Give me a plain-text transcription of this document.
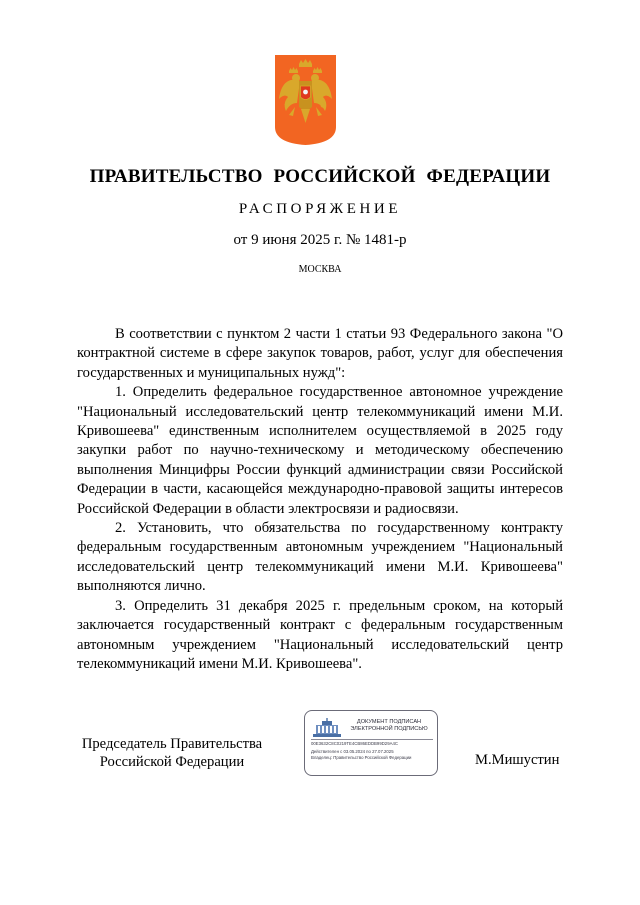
ПРАВИТЕЛЬСТВО РОССИЙСКОЙ ФЕДЕРАЦИИ
РАСПОРЯЖЕНИЕ
от 9 июня 2025 г. № 1481-р
МОСКВА

В соответствии с пунктом 2 части 1 статьи 93 Федерального закона "О контрактной системе в сфере закупок товаров, работ, услуг для обеспечения государственных и муниципальных нужд":

1. Определить федеральное государственное автономное учреждение "Национальный исследовательский центр телекоммуникаций имени М.И. Кривошеева" единственным исполнителем осуществляемой в 2025 году закупки работ по научно-техническому и методическому обеспечению выполнения Минцифры России функций администрации связи Российской Федерации в части, касающейся международно-правовой защиты интересов Российской Федерации в области электросвязи и радиосвязи.

2. Установить, что обязательства по государственному контракту федеральным государственным автономным учреждением "Национальный исследовательский центр телекоммуникаций имени М.И. Кривошеева" выполняются лично.

3. Определить 31 декабря 2025 г. предельным сроком, на который заключается государственный контракт с федеральным государственным автономным учреждением "Национальный исследовательский центр телекоммуникаций имени М.И. Кривошеева".

Председатель Правительства
Российской Федерации
ДОКУМЕНТ ПОДПИСАН
ЭЛЕКТРОННОЙ ПОДПИСЬЮ
00E3632C8C0219TE4CB86EDDB99D29A4C
Действителен с 03.05.2024 по 27.07.2025
Владелец: Правительство Российской Федерации	М.Мишустин
